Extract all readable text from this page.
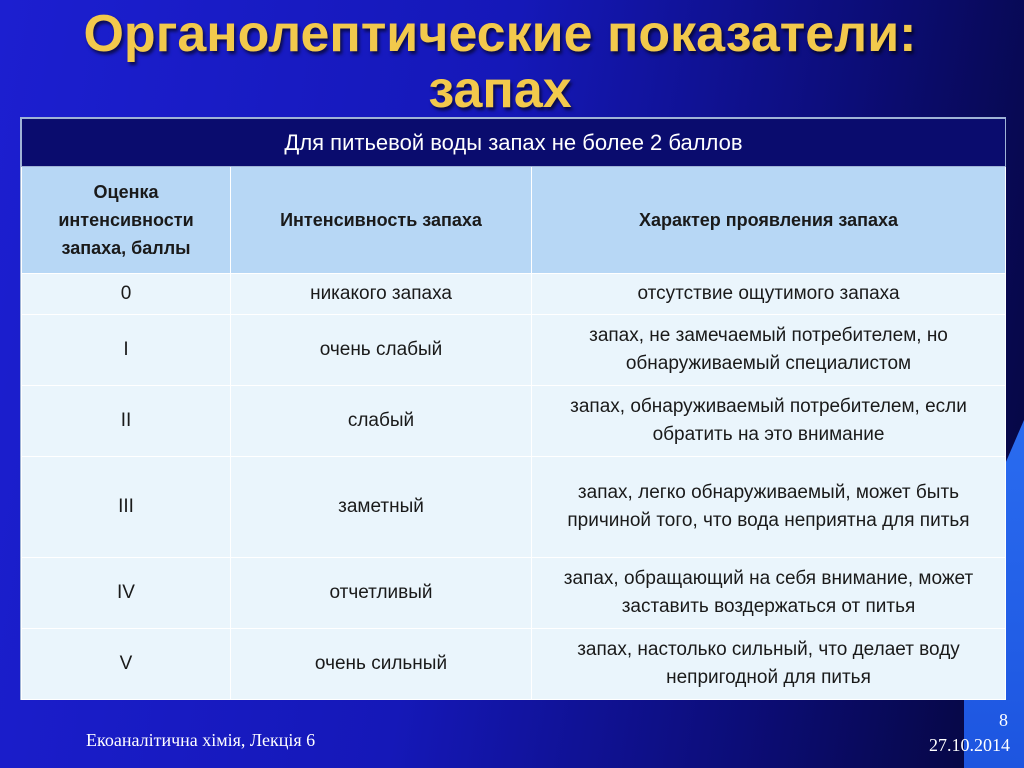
Органолептические показатели:
запах
Для питьевой воды запах не более 2 баллов		
Оценка интенсивности запаха, баллы	Интенсивность запаха	Характер проявления запаха
0	никакого запаха	отсутствие ощутимого запаха
I	очень слабый	запах, не замечаемый потребителем, но обнаруживаемый специалистом
II	слабый	запах, обнаруживаемый потребителем, если обратить на это внимание
III	заметный	запах, легко обнаруживаемый, может быть причиной того, что вода неприятна для питья
IV	отчетливый	запах, обращающий на себя внимание, может заставить воздержаться от питья
V	очень сильный	запах, настолько сильный, что делает воду непригодной для питья
Екоаналітична хімія, Лекція 6
8
27.10.2014
